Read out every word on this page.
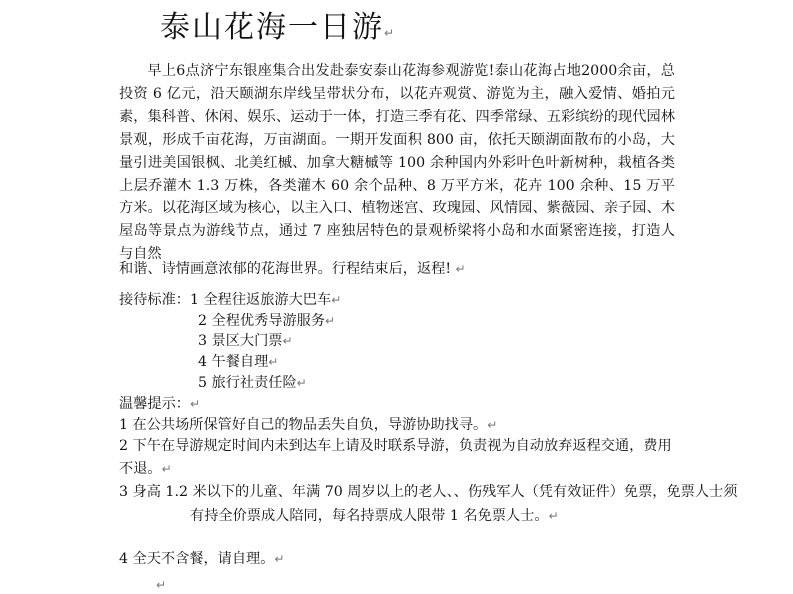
泰山花海一日游↵

早上6点济宁东银座集合出发赴泰安泰山花海参观游览!泰山花海占地2000余亩，总投资 6 亿元，沿天颐湖东岸线呈带状分布，以花卉观赏、游览为主，融入爱情、婚拍元素，集科普、休闲、娱乐、运动于一体，打造三季有花、四季常绿、五彩缤纷的现代园林景观，形成千亩花海，万亩湖面。一期开发面积 800 亩，依托天颐湖面散布的小岛，大量引进美国银枫、北美红槭、加拿大糖槭等 100 余种国内外彩叶色叶新树种，栽植各类上层乔灌木 1.3 万株，各类灌木 60 余个品种、8 万平方米，花卉 100 余种、15 万平方米。以花海区域为核心，以主入口、植物迷宫、玫瑰园、风情园、紫薇园、亲子园、木屋岛等景点为游线节点，通过 7 座独居特色的景观桥梁将小岛和水面紧密连接，打造人与自然

和谐、诗情画意浓郁的花海世界。行程结束后，返程! ↵
接待标准：1 全程往返旅游大巴车↵
2 全程优秀导游服务↵
3 景区大门票↵
4 午餐自理↵
5 旅行社责任险↵
温馨提示：↵
1 在公共场所保管好自己的物品丢失自负，导游协助找寻。↵
2 下午在导游规定时间内未到达车上请及时联系导游，负责视为自动放弃返程交通，费用不退。↵
3 身高 1.2 米以下的儿童、年满 70 周岁以上的老人、、伤残军人（凭有效证件）免票，免票人士须有持全价票成人陪同，每名持票成人限带 1 名免票人士。↵
4 全天不含餐，请自理。↵
↵
